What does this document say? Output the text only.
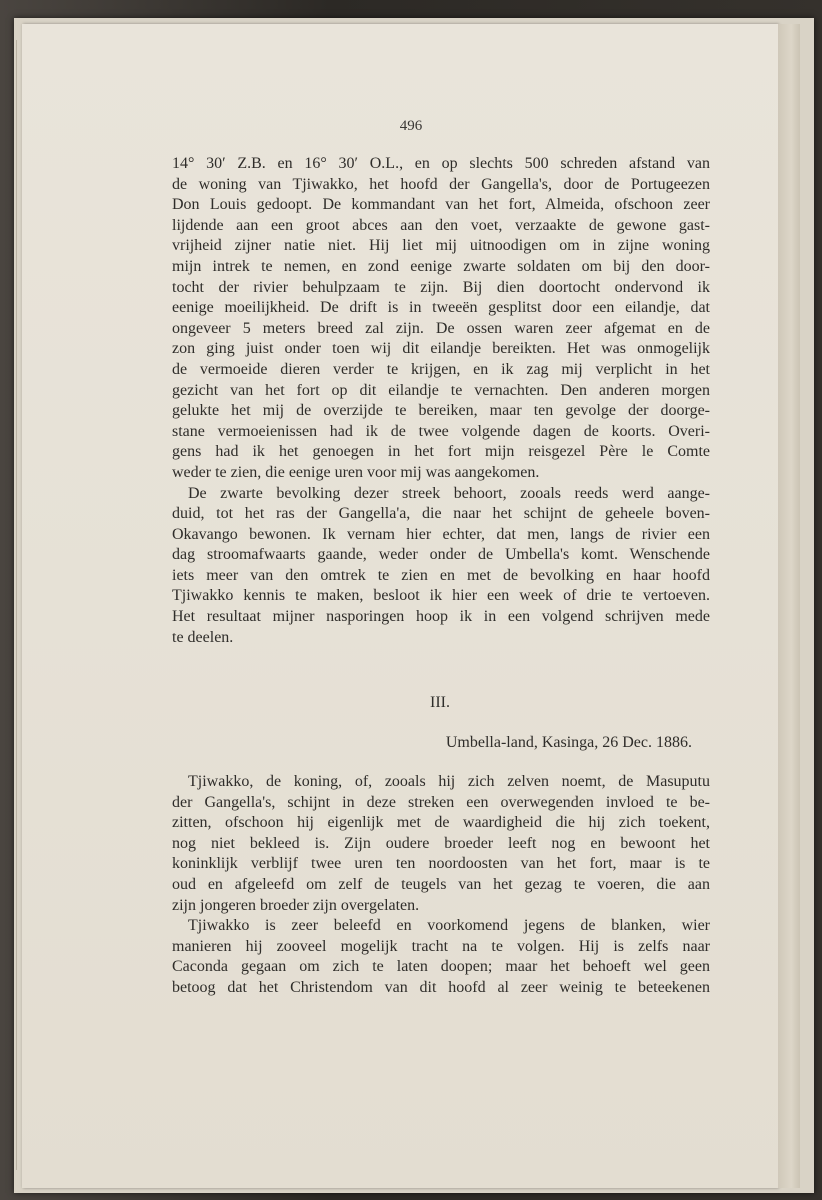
496
14° 30′ Z.B. en 16° 30′ O.L., en op slechts 500 schreden afstand van
de woning van Tjiwakko, het hoofd der Gangella's, door de Portugeezen
Don Louis gedoopt. De kommandant van het fort, Almeida, ofschoon zeer
lijdende aan een groot abces aan den voet, verzaakte de gewone gast-
vrijheid zijner natie niet. Hij liet mij uitnoodigen om in zijne woning
mijn intrek te nemen, en zond eenige zwarte soldaten om bij den door-
tocht der rivier behulpzaam te zijn. Bij dien doortocht ondervond ik
eenige moeilijkheid. De drift is in tweeën gesplitst door een eilandje, dat
ongeveer 5 meters breed zal zijn. De ossen waren zeer afgemat en de
zon ging juist onder toen wij dit eilandje bereikten. Het was onmogelijk
de vermoeide dieren verder te krijgen, en ik zag mij verplicht in het
gezicht van het fort op dit eilandje te vernachten. Den anderen morgen
gelukte het mij de overzijde te bereiken, maar ten gevolge der doorge-
stane vermoeienissen had ik de twee volgende dagen de koorts. Overi-
gens had ik het genoegen in het fort mijn reisgezel Père le Comte
weder te zien, die eenige uren voor mij was aangekomen.
De zwarte bevolking dezer streek behoort, zooals reeds werd aange-
duid, tot het ras der Gangella'a, die naar het schijnt de geheele boven-
Okavango bewonen. Ik vernam hier echter, dat men, langs de rivier een
dag stroomafwaarts gaande, weder onder de Umbella's komt. Wenschende
iets meer van den omtrek te zien en met de bevolking en haar hoofd
Tjiwakko kennis te maken, besloot ik hier een week of drie te vertoeven.
Het resultaat mijner nasporingen hoop ik in een volgend schrijven mede
te deelen.
III.
Umbella-land, Kasinga, 26 Dec. 1886.
Tjiwakko, de koning, of, zooals hij zich zelven noemt, de Masuputu
der Gangella's, schijnt in deze streken een overwegenden invloed te be-
zitten, ofschoon hij eigenlijk met de waardigheid die hij zich toekent,
nog niet bekleed is. Zijn oudere broeder leeft nog en bewoont het
koninklijk verblijf twee uren ten noordoosten van het fort, maar is te
oud en afgeleefd om zelf de teugels van het gezag te voeren, die aan
zijn jongeren broeder zijn overgelaten.
Tjiwakko is zeer beleefd en voorkomend jegens de blanken, wier
manieren hij zooveel mogelijk tracht na te volgen. Hij is zelfs naar
Caconda gegaan om zich te laten doopen; maar het behoeft wel geen
betoog dat het Christendom van dit hoofd al zeer weinig te beteekenen
